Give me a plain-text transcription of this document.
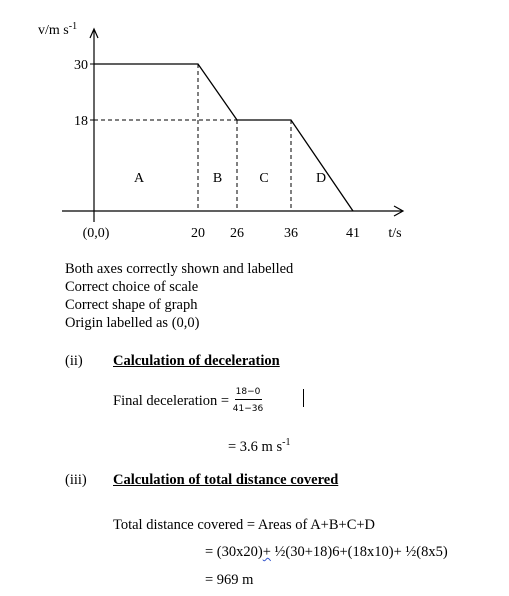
v/m $s^{-1}$
30
18
20 26	36	41
(0,0)	t/s
A	B	C	D
Both axes correctly shown and labelled
Correct choice of scale
Correct shape of graph
Origin labelled as (0,0)
(ii) Calculation of deceleration
Final deceleration =
18−0
41−36
= 3.6 m $s^{-1}$
(iii) Calculation of total distance covered
Total distance covered = Areas of A+B+C+D
= (30x20)+ ½(30+18)6+(18x10)+ ½(8x5)
= 969 m
